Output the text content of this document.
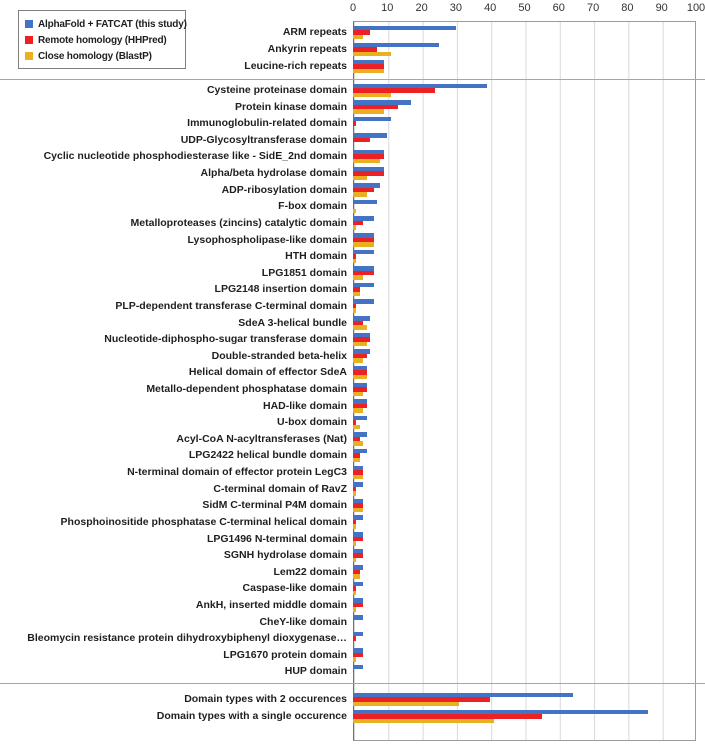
0 10 20 30 40 50 60 70 80 90 100
ARM repeats
Ankyrin repeats
Leucine-rich repeats
Cysteine proteinase domain
Protein kinase domain
Immunoglobulin-related domain
UDP-Glycosyltransferase domain
Cyclic nucleotide phosphodiesterase like - SidE_2nd domain
Alpha/beta hydrolase domain
ADP-ribosylation domain
F-box domain
Metalloproteases (zincins) catalytic domain
Lysophospholipase-like domain
HTH domain
LPG1851 domain
LPG2148 insertion domain
PLP-dependent transferase C-terminal domain
SdeA 3-helical bundle
Nucleotide-diphospho-sugar transferase domain
Double-stranded beta-helix
Helical domain of effector SdeA
Metallo-dependent phosphatase domain
HAD-like domain
U-box domain
Acyl-CoA N-acyltransferases (Nat)
LPG2422 helical bundle domain
N-terminal domain of effector protein LegC3
C-terminal domain of RavZ
SidM C-terminal P4M domain
Phosphoinositide phosphatase C-terminal helical domain
LPG1496 N-terminal domain
SGNH hydrolase domain
Lem22 domain
Caspase-like domain
AnkH, inserted middle domain
CheY-like domain
Bleomycin resistance protein dihydroxybiphenyl dioxygenase…
LPG1670 protein domain
HUP domain
Domain types with 2 occurences
Domain types with a single occurence
AlphaFold + FATCAT (this study)
Remote homology (HHPred)
Close homology (BlastP)
